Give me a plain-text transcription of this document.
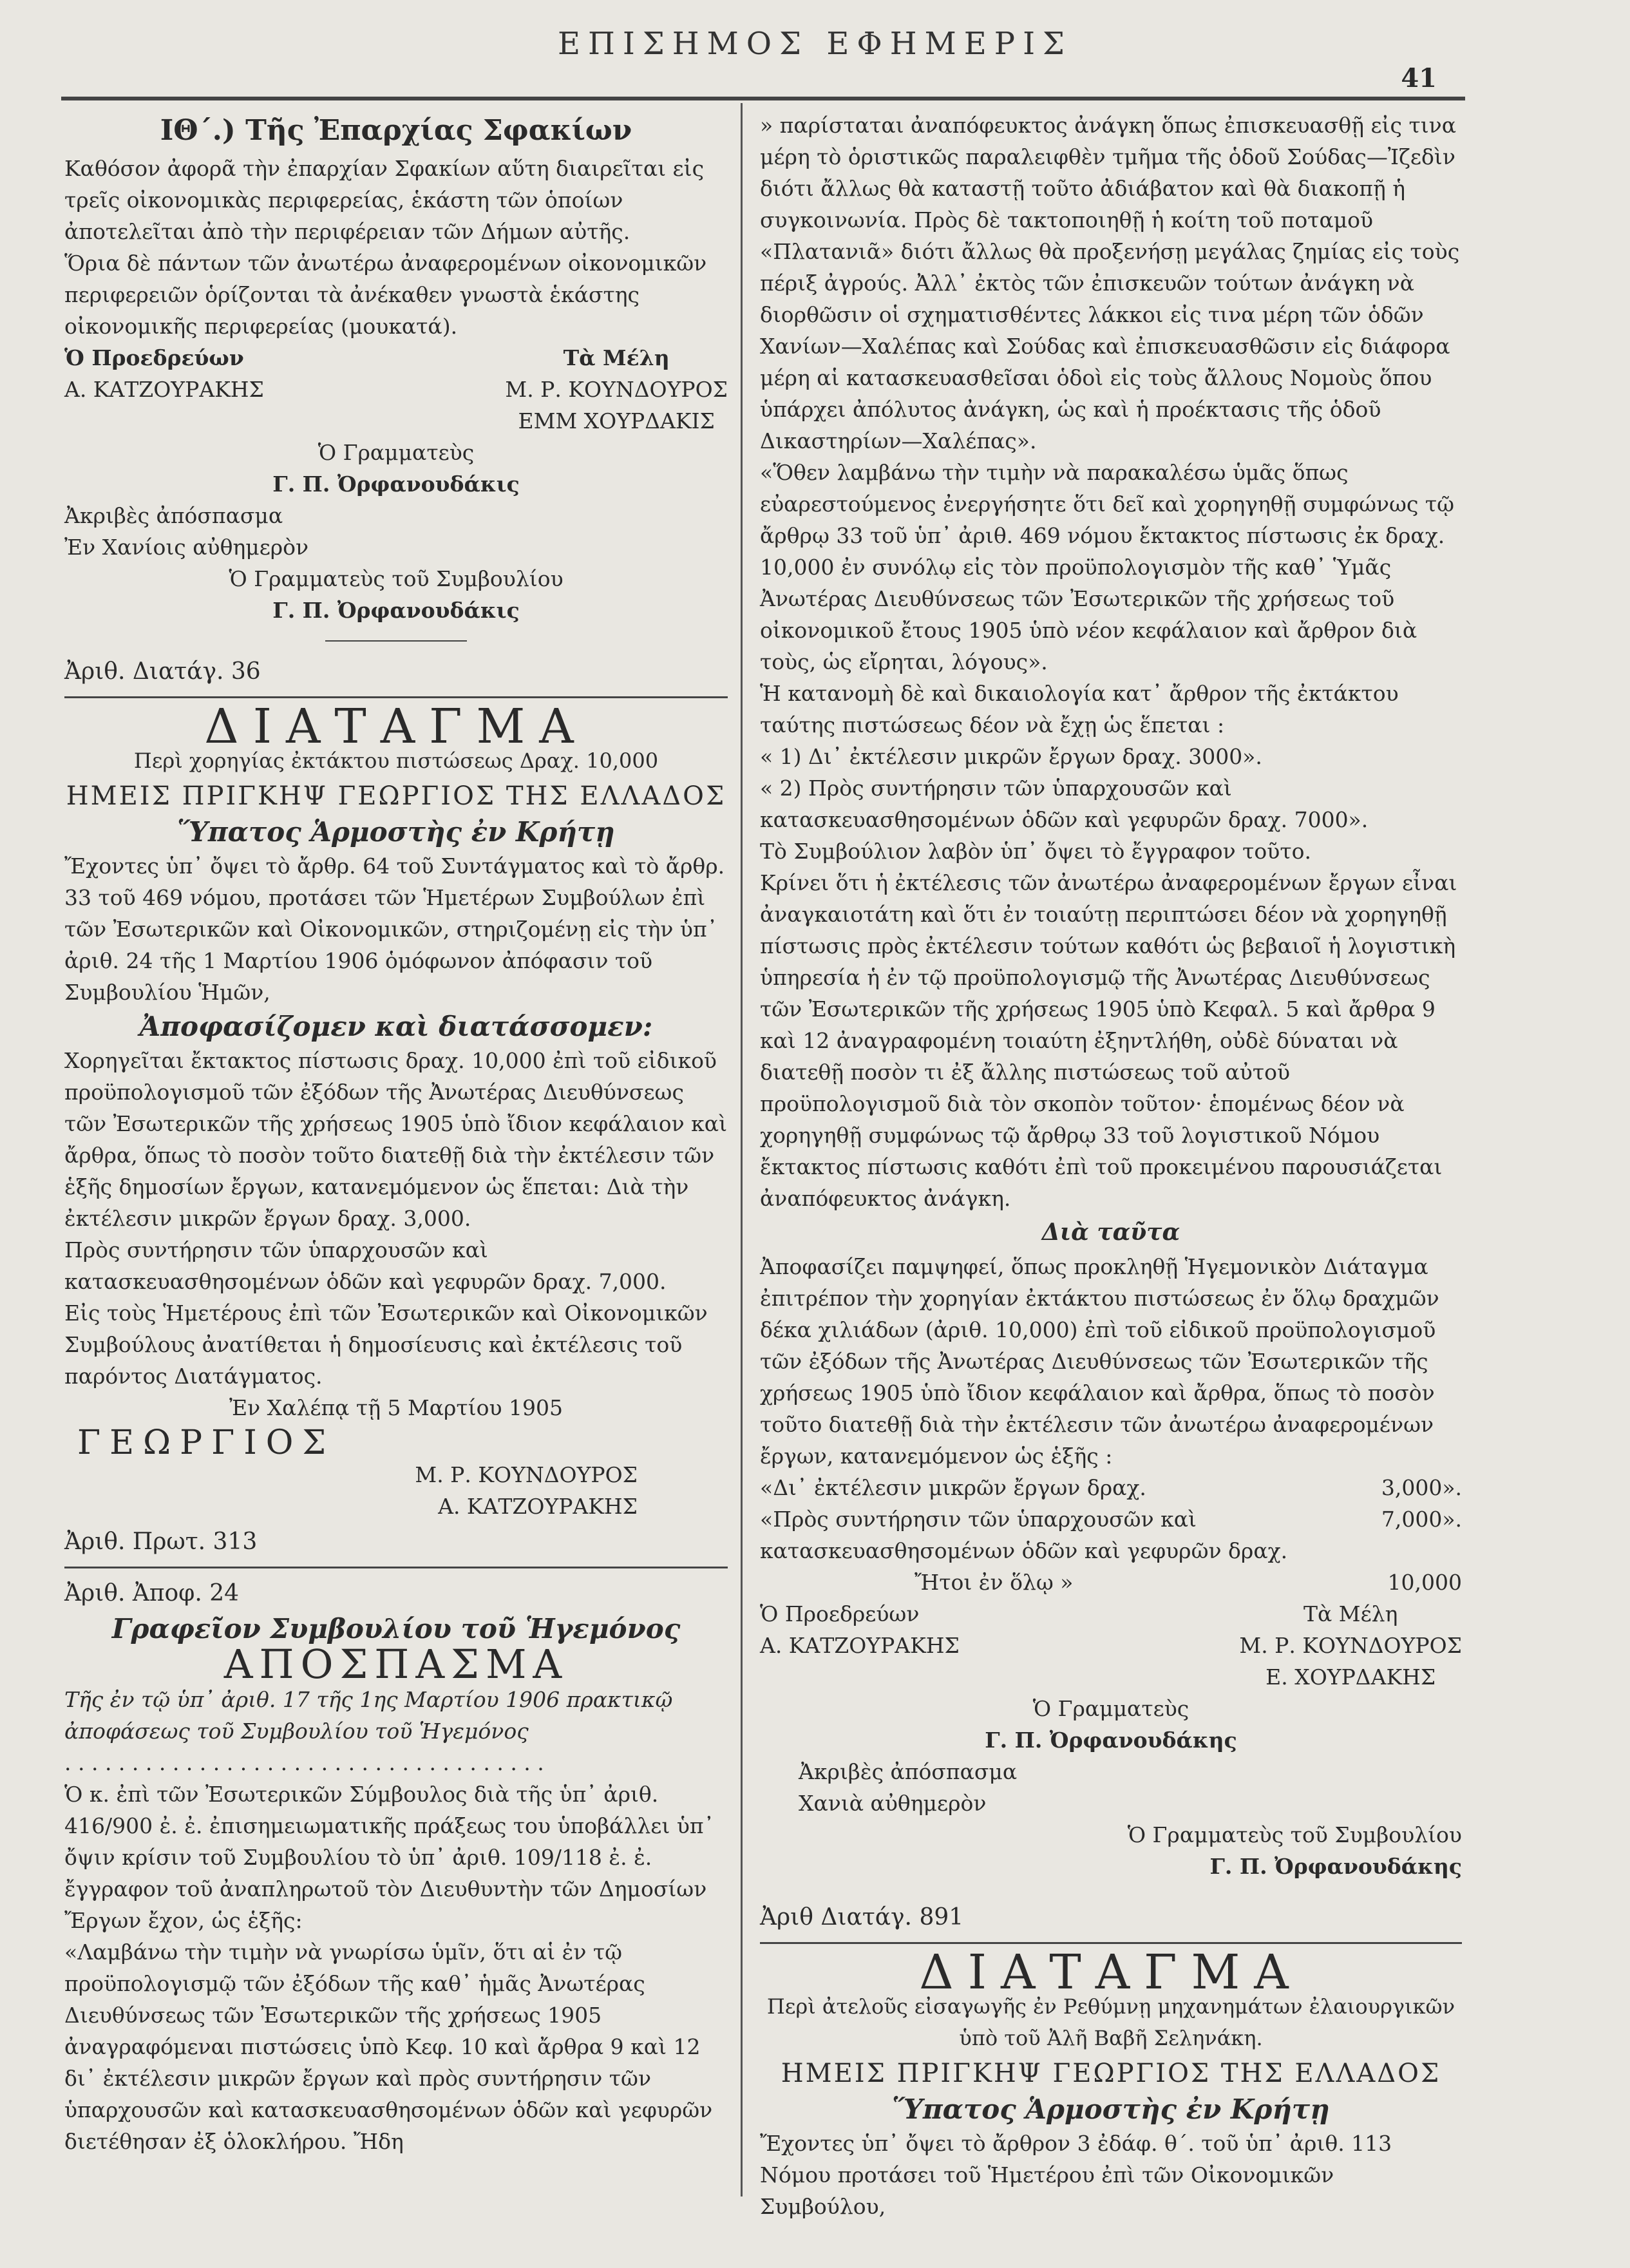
ΕΠΙΣΗΜΟΣ ΕΦΗΜΕΡΙΣ
41
ΙΘ΄.) Τῆς Ἐπαρχίας Σφακίων

Καθόσον ἀφορᾶ τὴν ἐπαρχίαν Σφακίων αὕτη διαιρεῖται εἰς τρεῖς οἰκονομικὰς περιφερείας, ἑκάστη τῶν ὁποίων ἀποτελεῖται ἀπὸ τὴν περιφέρειαν τῶν Δήμων αὐτῆς.

Ὅρια δὲ πάντων τῶν ἀνωτέρω ἀναφερομένων οἰκονομικῶν περιφερειῶν ὁρίζονται τὰ ἀνέκαθεν γνωστὰ ἑκάστης οἰκονομικῆς περιφερείας (μουκατά).

Ὁ Προεδρεύων
Α. ΚΑΤΖΟΥΡΑΚΗΣ
Τὰ Μέλη
Μ. Ρ. ΚΟΥΝΔΟΥΡΟΣ
ΕΜΜ ΧΟΥΡΔΑΚΙΣ
Ὁ Γραμματεὺς
Γ. Π. Ὀρφανουδάκις
Ἀκριβὲς ἀπόσπασμα
Ἐν Χανίοις αὐθημερὸν
Ὁ Γραμματεὺς τοῦ Συμβουλίου
Γ. Π. Ὀρφανουδάκις
Ἀριθ. Διατάγ. 36
ΔΙΑΤΑΓΜΑ
Περὶ χορηγίας ἐκτάκτου πιστώσεως Δραχ. 10,000
ΗΜΕΙΣ ΠΡΙΓΚΗΨ ΓΕΩΡΓΙΟΣ ΤΗΣ ΕΛΛΑΔΟΣ
Ὕπατος Ἁρμοστὴς ἐν Κρήτῃ

Ἔχοντες ὑπ᾿ ὄψει τὸ ἄρθρ. 64 τοῦ Συντάγματος καὶ τὸ ἄρθρ. 33 τοῦ 469 νόμου, προτάσει τῶν Ἡμετέρων Συμβούλων ἐπὶ τῶν Ἐσωτερικῶν καὶ Οἰκονομικῶν, στηριζομένῃ εἰς τὴν ὑπ᾿ ἀριθ. 24 τῆς 1 Μαρτίου 1906 ὁμόφωνον ἀπόφασιν τοῦ Συμβουλίου Ἡμῶν,

Ἀποφασίζομεν καὶ διατάσσομεν:

Χορηγεῖται ἔκτακτος πίστωσις δραχ. 10,000 ἐπὶ τοῦ εἰδικοῦ προϋπολογισμοῦ τῶν ἐξόδων τῆς Ἀνωτέρας Διευθύνσεως τῶν Ἐσωτερικῶν τῆς χρήσεως 1905 ὑπὸ ἴδιον κεφάλαιον καὶ ἄρθρα, ὅπως τὸ ποσὸν τοῦτο διατεθῇ διὰ τὴν ἐκτέλεσιν τῶν ἑξῆς δημοσίων ἔργων, κατανεμόμενον ὡς ἕπεται: Διὰ τὴν ἐκτέλεσιν μικρῶν ἔργων δραχ. 3,000.

Πρὸς συντήρησιν τῶν ὑπαρχουσῶν καὶ κατασκευασθησομένων ὁδῶν καὶ γεφυρῶν δραχ. 7,000.

Εἰς τοὺς Ἡμετέρους ἐπὶ τῶν Ἐσωτερικῶν καὶ Οἰκονομικῶν Συμβούλους ἀνατίθεται ἡ δημοσίευσις καὶ ἐκτέλεσις τοῦ παρόντος Διατάγματος.

Ἐν Χαλέπᾳ τῇ 5 Μαρτίου 1905
ΓΕΩΡΓΙΟΣ
Μ. Ρ. ΚΟΥΝΔΟΥΡΟΣ
Α. ΚΑΤΖΟΥΡΑΚΗΣ
Ἀριθ. Πρωτ. 313
Ἀριθ. Ἀποφ. 24
Γραφεῖον Συμβουλίου τοῦ Ἡγεμόνος
ΑΠΟΣΠΑΣΜΑ

Τῆς ἐν τῷ ὑπ᾿ ἀριθ. 17 τῆς 1ης Μαρτίου 1906 πρακτικῷ ἀποφάσεως τοῦ Συμβουλίου τοῦ Ἡγεμόνος

. . . . . . . . . . . . . . . . . . . . . . . . . . . . . . . . . . . .

Ὁ κ. ἐπὶ τῶν Ἐσωτερικῶν Σύμβουλος διὰ τῆς ὑπ᾿ ἀριθ. 416/900 ἐ. ἐ. ἐπισημειωματικῆς πράξεως του ὑποβάλλει ὑπ᾿ ὄψιν κρίσιν τοῦ Συμβουλίου τὸ ὑπ᾿ ἀριθ. 109/118 ἐ. ἐ. ἔγγραφον τοῦ ἀναπληρωτοῦ τὸν Διευθυντὴν τῶν Δημοσίων Ἔργων ἔχον, ὡς ἑξῆς:

«Λαμβάνω τὴν τιμὴν νὰ γνωρίσω ὑμῖν, ὅτι αἱ ἐν τῷ προϋπολογισμῷ τῶν ἐξόδων τῆς καθ᾿ ἡμᾶς Ἀνωτέρας Διευθύνσεως τῶν Ἐσωτερικῶν τῆς χρήσεως 1905 ἀναγραφόμεναι πιστώσεις ὑπὸ Κεφ. 10 καὶ ἄρθρα 9 καὶ 12 δι᾿ ἐκτέλεσιν μικρῶν ἔργων καὶ πρὸς συντήρησιν τῶν ὑπαρχουσῶν καὶ κατασκευασθησομένων ὁδῶν καὶ γεφυρῶν διετέθησαν ἐξ ὁλοκλήρου. Ἤδη

» παρίσταται ἀναπόφευκτος ἀνάγκη ὅπως ἐπισκευασθῇ εἰς τινα μέρη τὸ ὁριστικῶς παραλειφθὲν τμῆμα τῆς ὁδοῦ Σούδας—Ἰζεδὶν διότι ἄλλως θὰ καταστῇ τοῦτο ἀδιάβατον καὶ θὰ διακοπῇ ἡ συγκοινωνία. Πρὸς δὲ τακτοποιηθῇ ἡ κοίτη τοῦ ποταμοῦ «Πλατανιᾶ» διότι ἄλλως θὰ προξενήσῃ μεγάλας ζημίας εἰς τοὺς πέριξ ἀγρούς. Ἀλλ᾿ ἐκτὸς τῶν ἐπισκευῶν τούτων ἀνάγκη νὰ διορθῶσιν οἱ σχηματισθέντες λάκκοι εἰς τινα μέρη τῶν ὁδῶν Χανίων—Χαλέπας καὶ Σούδας καὶ ἐπισκευασθῶσιν εἰς διάφορα μέρη αἱ κατασκευασθεῖσαι ὁδοὶ εἰς τοὺς ἄλλους Νομοὺς ὅπου ὑπάρχει ἀπόλυτος ἀνάγκη, ὡς καὶ ἡ προέκτασις τῆς ὁδοῦ Δικαστηρίων—Χαλέπας».

«Ὅθεν λαμβάνω τὴν τιμὴν νὰ παρακαλέσω ὑμᾶς ὅπως εὐαρεστούμενος ἐνεργήσητε ὅτι δεῖ καὶ χορηγηθῇ συμφώνως τῷ ἄρθρῳ 33 τοῦ ὑπ᾿ ἀριθ. 469 νόμου ἔκτακτος πίστωσις ἐκ δραχ. 10,000 ἐν συνόλῳ εἰς τὸν προϋπολογισμὸν τῆς καθ᾿ Ὑμᾶς Ἀνωτέρας Διευθύνσεως τῶν Ἐσωτερικῶν τῆς χρήσεως τοῦ οἰκονομικοῦ ἔτους 1905 ὑπὸ νέον κεφάλαιον καὶ ἄρθρον διὰ τοὺς, ὡς εἴρηται, λόγους».

Ἡ κατανομὴ δὲ καὶ δικαιολογία κατ᾿ ἄρθρον τῆς ἐκτάκτου ταύτης πιστώσεως δέον νὰ ἔχῃ ὡς ἕπεται :

« 1) Δι᾿ ἐκτέλεσιν μικρῶν ἔργων δραχ. 3000».

« 2) Πρὸς συντήρησιν τῶν ὑπαρχουσῶν καὶ κατασκευασθησομένων ὁδῶν καὶ γεφυρῶν δραχ. 7000».

Τὸ Συμβούλιον λαβὸν ὑπ᾿ ὄψει τὸ ἔγγραφον τοῦτο.

Κρίνει ὅτι ἡ ἐκτέλεσις τῶν ἀνωτέρω ἀναφερομένων ἔργων εἶναι ἀναγκαιοτάτη καὶ ὅτι ἐν τοιαύτῃ περιπτώσει δέον νὰ χορηγηθῇ πίστωσις πρὸς ἐκτέλεσιν τούτων καθότι ὡς βεβαιοῖ ἡ λογιστικὴ ὑπηρεσία ἡ ἐν τῷ προϋπολογισμῷ τῆς Ἀνωτέρας Διευθύνσεως τῶν Ἐσωτερικῶν τῆς χρήσεως 1905 ὑπὸ Κεφαλ. 5 καὶ ἄρθρα 9 καὶ 12 ἀναγραφομένη τοιαύτη ἐξηντλήθη, οὐδὲ δύναται νὰ διατεθῇ ποσὸν τι ἐξ ἄλλης πιστώσεως τοῦ αὐτοῦ προϋπολογισμοῦ διὰ τὸν σκοπὸν τοῦτον· ἑπομένως δέον νὰ χορηγηθῇ συμφώνως τῷ ἄρθρῳ 33 τοῦ λογιστικοῦ Νόμου ἔκτακτος πίστωσις καθότι ἐπὶ τοῦ προκειμένου παρουσιάζεται ἀναπόφευκτος ἀνάγκη.

Διὰ ταῦτα

Ἀποφασίζει παμψηφεί, ὅπως προκληθῇ Ἡγεμονικὸν Διάταγμα ἐπιτρέπον τὴν χορηγίαν ἐκτάκτου πιστώσεως ἐν ὅλῳ δραχμῶν δέκα χιλιάδων (ἀριθ. 10,000) ἐπὶ τοῦ εἰδικοῦ προϋπολογισμοῦ τῶν ἐξόδων τῆς Ἀνωτέρας Διευθύνσεως τῶν Ἐσωτερικῶν τῆς χρήσεως 1905 ὑπὸ ἴδιον κεφάλαιον καὶ ἄρθρα, ὅπως τὸ ποσὸν τοῦτο διατεθῇ διὰ τὴν ἐκτέλεσιν τῶν ἀνωτέρω ἀναφερομένων ἔργων, κατανεμόμενον ὡς ἑξῆς :

«Δι᾿ ἐκτέλεσιν μικρῶν ἔργων δραχ.	3,000».
«Πρὸς συντήρησιν τῶν ὑπαρχουσῶν καὶ κατασκευασθησομένων ὁδῶν καὶ γεφυρῶν δραχ.
7,000».
Ἤτοι ἐν ὅλῳ »	10,000
Ὁ Προεδρεύων
Α. ΚΑΤΖΟΥΡΑΚΗΣ
Τὰ Μέλη
Μ. Ρ. ΚΟΥΝΔΟΥΡΟΣ
Ε. ΧΟΥΡΔΑΚΗΣ
Ὁ Γραμματεὺς
Γ. Π. Ὀρφανουδάκης
Ἀκριβὲς ἀπόσπασμα
Χανιὰ αὐθημερὸν
Ὁ Γραμματεὺς τοῦ Συμβουλίου
Γ. Π. Ὀρφανουδάκης
Ἀριθ Διατάγ. 891
ΔΙΑΤΑΓΜΑ
Περὶ ἀτελοῦς εἰσαγωγῆς ἐν Ρεθύμνῃ μηχανημάτων ἐλαιουργικῶν ὑπὸ τοῦ Ἀλῆ Βαβῆ Σεληνάκη.
ΗΜΕΙΣ ΠΡΙΓΚΗΨ ΓΕΩΡΓΙΟΣ ΤΗΣ ΕΛΛΑΔΟΣ
Ὕπατος Ἁρμοστὴς ἐν Κρήτῃ

Ἔχοντες ὑπ᾿ ὄψει τὸ ἄρθρον 3 ἐδάφ. θ΄. τοῦ ὑπ᾿ ἀριθ. 113 Νόμου προτάσει τοῦ Ἡμετέρου ἐπὶ τῶν Οἰκονομικῶν Συμβούλου,
